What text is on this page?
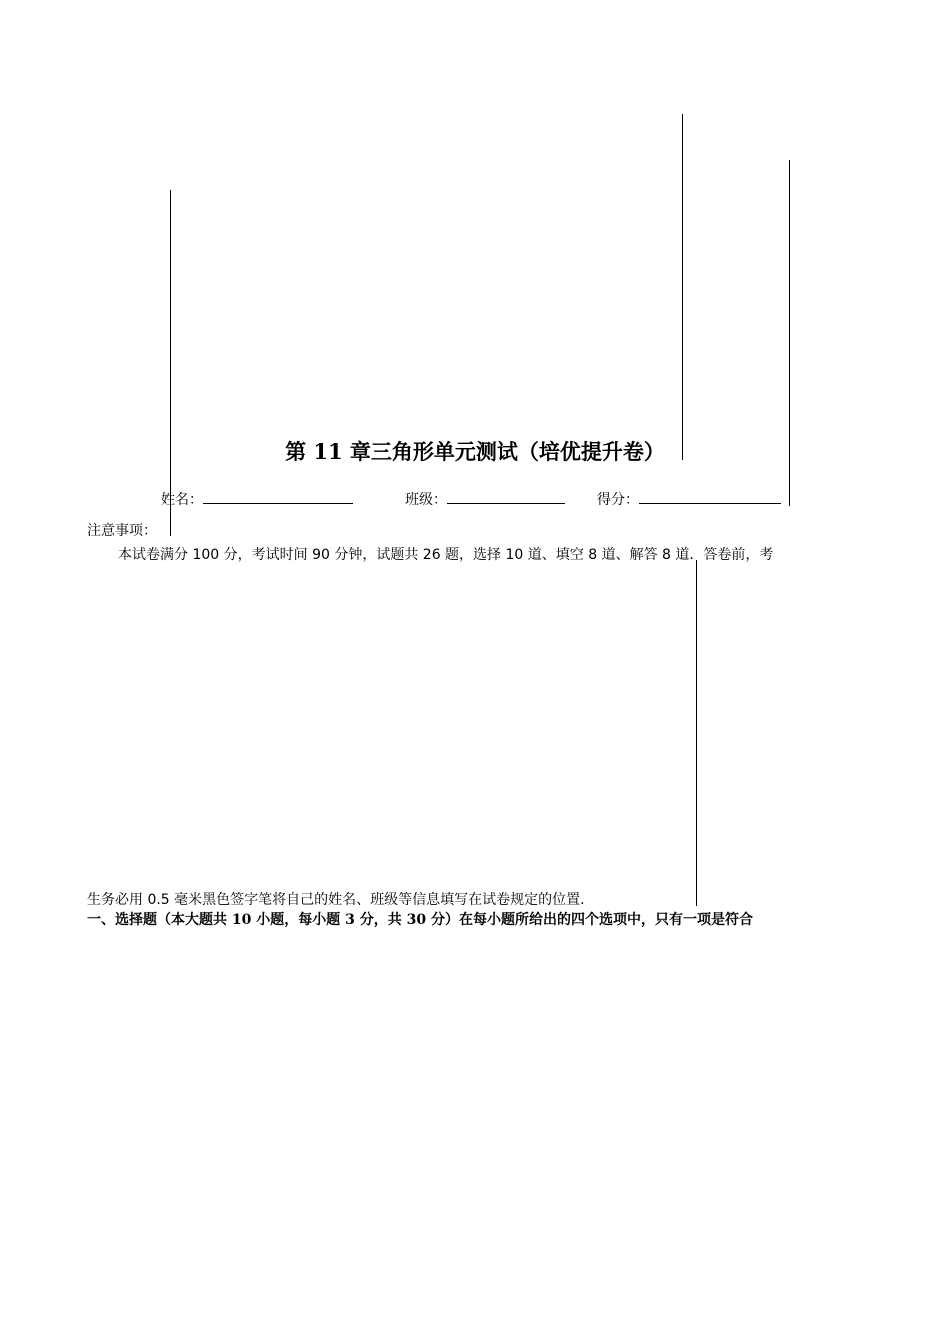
第 11 章三角形单元测试（培优提升卷）
姓名：	班级：	得分：
注意事项：
本试卷满分 100 分，考试时间 90 分钟，试题共 26 题，选择 10 道、填空 8 道、解答 8 道．答卷前，考
生务必用 0.5 毫米黑色签字笔将自己的姓名、班级等信息填写在试卷规定的位置．
一、选择题（本大题共 10 小题，每小题 3 分，共 30 分）在每小题所给出的四个选项中，只有一项是符合
